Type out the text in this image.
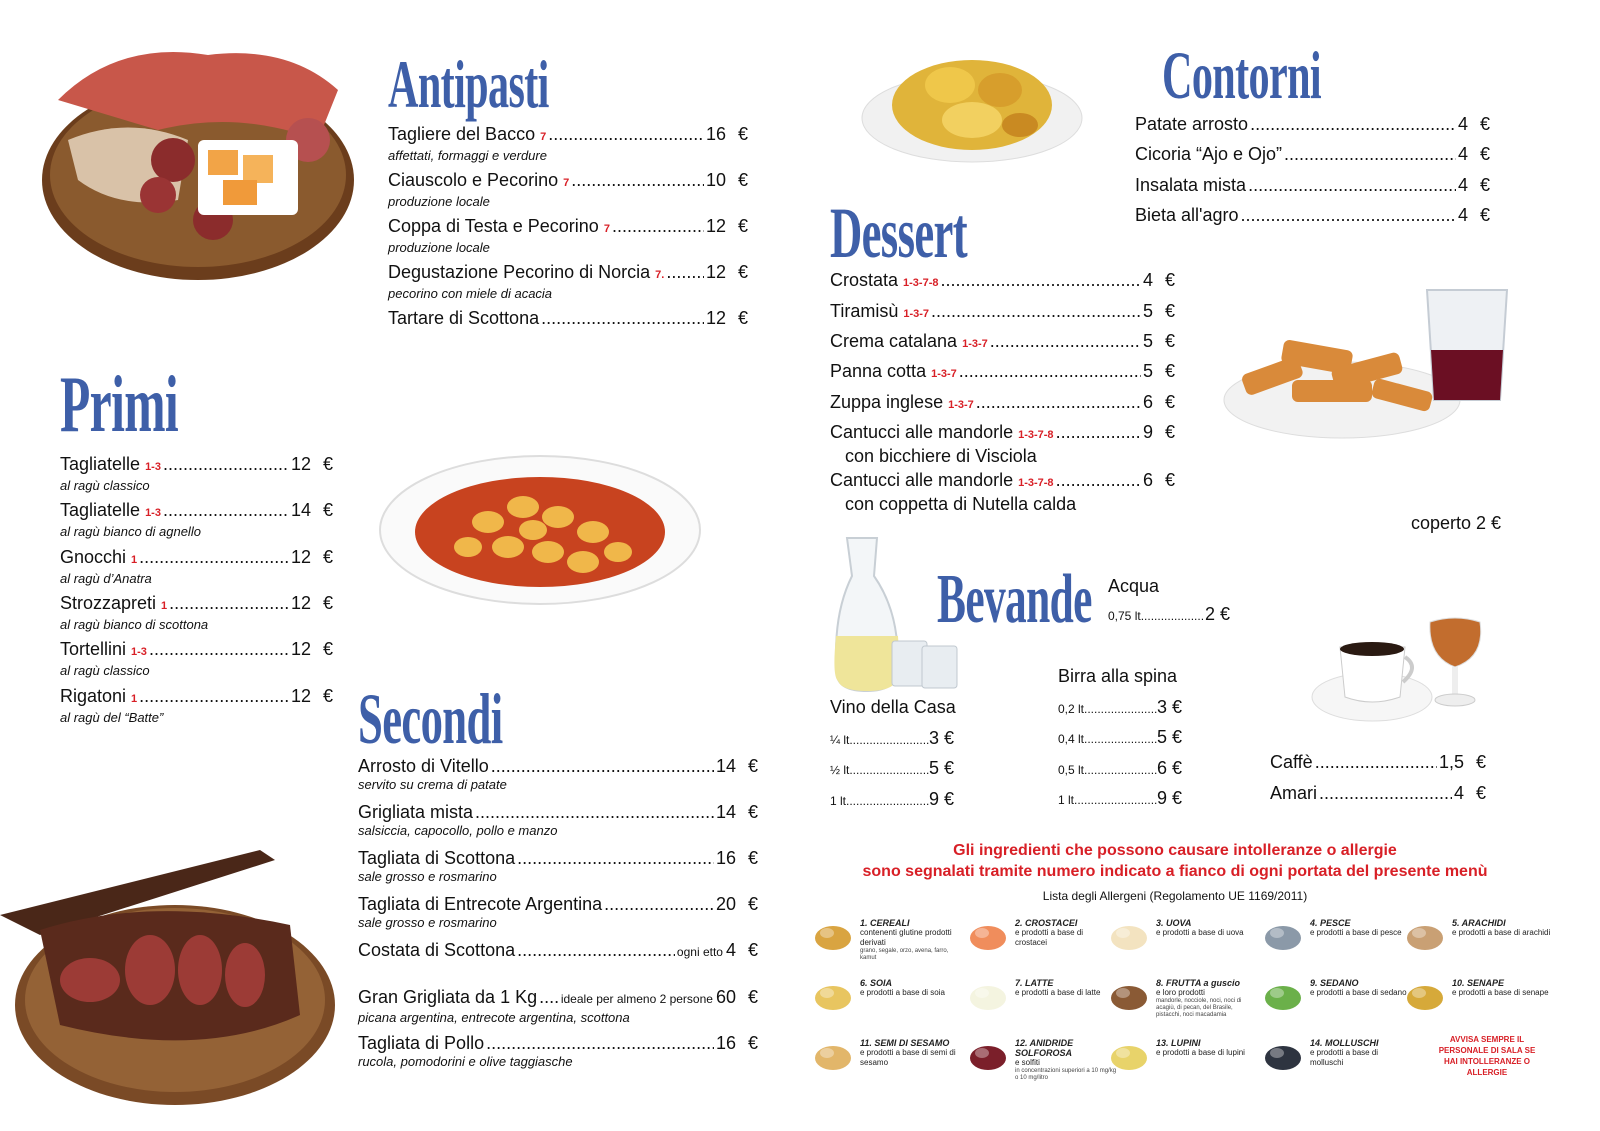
Antipasti
Tagliere del Bacco 7 .....	16 €
affettati, formaggi e verdure
Ciauscolo e Pecorino 7 .....	10 €
produzione locale
Coppa di Testa e Pecorino 7 .....	12 €
produzione locale
Degustazione Pecorino di Norcia 7. ..... 12 €
pecorino con miele di acacia
Tartare di Scottona .....	12 €
Primi
Tagliatelle 1-3 .....	12 €
al ragù classico
Tagliatelle 1-3 .....	14 €
al ragù bianco di agnello
Gnocchi 1 .....	12 €
al ragù d’Anatra
Strozzapreti 1 .....	12 €
al ragù bianco di scottona
Tortellini 1-3 .....	12 €
al ragù classico
Rigatoni 1 .....	12 €
al ragù del “Batte”	Secondi
Arrosto di Vitello .....	14 €
servito su crema di patate
Grigliata mista .....	14 €
salsiccia, capocollo, pollo e manzo
Tagliata di Scottona .....	16 €
sale grosso e rosmarino
Tagliata di Entrecote Argentina .....	20 €
sale grosso e rosmarino
Costata di Scottona .....	ogni etto 4 €
Gran Grigliata da 1 Kg ..... ideale per almeno 2 persone 60 €
picana argentina, entrecote argentina, scottona
Tagliata di Pollo .....	16 €
rucola, pomodorini e olive taggiasche
Contorni
Patate arrosto .....	4 €
Cicoria “Ajo e Ojo” .....	4 €
Insalata mista .....	4 €
Bieta all'agro .....	4 €
Dessert
Crostata 1-3-7-8 .....	4 €
Tiramisù 1-3-7 .....	5 €
Crema catalana 1-3-7 .....	5 €
Panna cotta 1-3-7 .....	5 €
Zuppa inglese 1-3-7 .....	6 €
Cantucci alle mandorle 1-3-7-8 .....	9 €
con bicchiere di Visciola
Cantucci alle mandorle 1-3-7-8 .....	6 €
con coppetta di Nutella calda
coperto 2 €
Bevande Acqua
0,75 lt .....	2 €
Vino della Casa
¼ lt .....	3 €
½ lt .....	5 €
1 lt .....	9 €
Birra alla spina
0,2 lt .....	3 €
0,4 lt .....	5 €
0,5 lt .....	6 €
1 lt .....	9 €
Caffè .....	1,5 €
Amari .....	4 €
Gli ingredienti che possono causare intolleranze o allergie
sono segnalati tramite numero indicato a fianco di ogni portata del presente menù
Lista degli Allergeni (Regolamento UE 1169/2011)
1. CEREALI
contenenti glutine prodotti derivati
grano, segale, orzo, avena, farro, kamut
2. CROSTACEI
e prodotti a base di crostacei
3. UOVA
e prodotti a base di uova
4. PESCE
e prodotti a base di pesce
5. ARACHIDI
e prodotti a base di arachidi
6. SOIA
e prodotti a base di soia
7. LATTE
e prodotti a base di latte
8. FRUTTA a guscio
e loro prodotti
mandorle, nocciole, noci, noci di acagiù, di pecan, del Brasile, pistacchi, noci macadamia
9. SEDANO
e prodotti a base di sedano
10. SENAPE
e prodotti a base di senape
11. SEMI DI SESAMO
e prodotti a base di semi di sesamo
12. ANIDRIDE SOLFOROSA
e solfiti
in concentrazioni superiori a 10 mg/kg o 10 mg/litro
13. LUPINI
e prodotti a base di lupini
14. MOLLUSCHI
e prodotti a base di molluschi
AVVISA SEMPRE IL PERSONALE DI SALA SE HAI INTOLLERANZE O ALLERGIE
